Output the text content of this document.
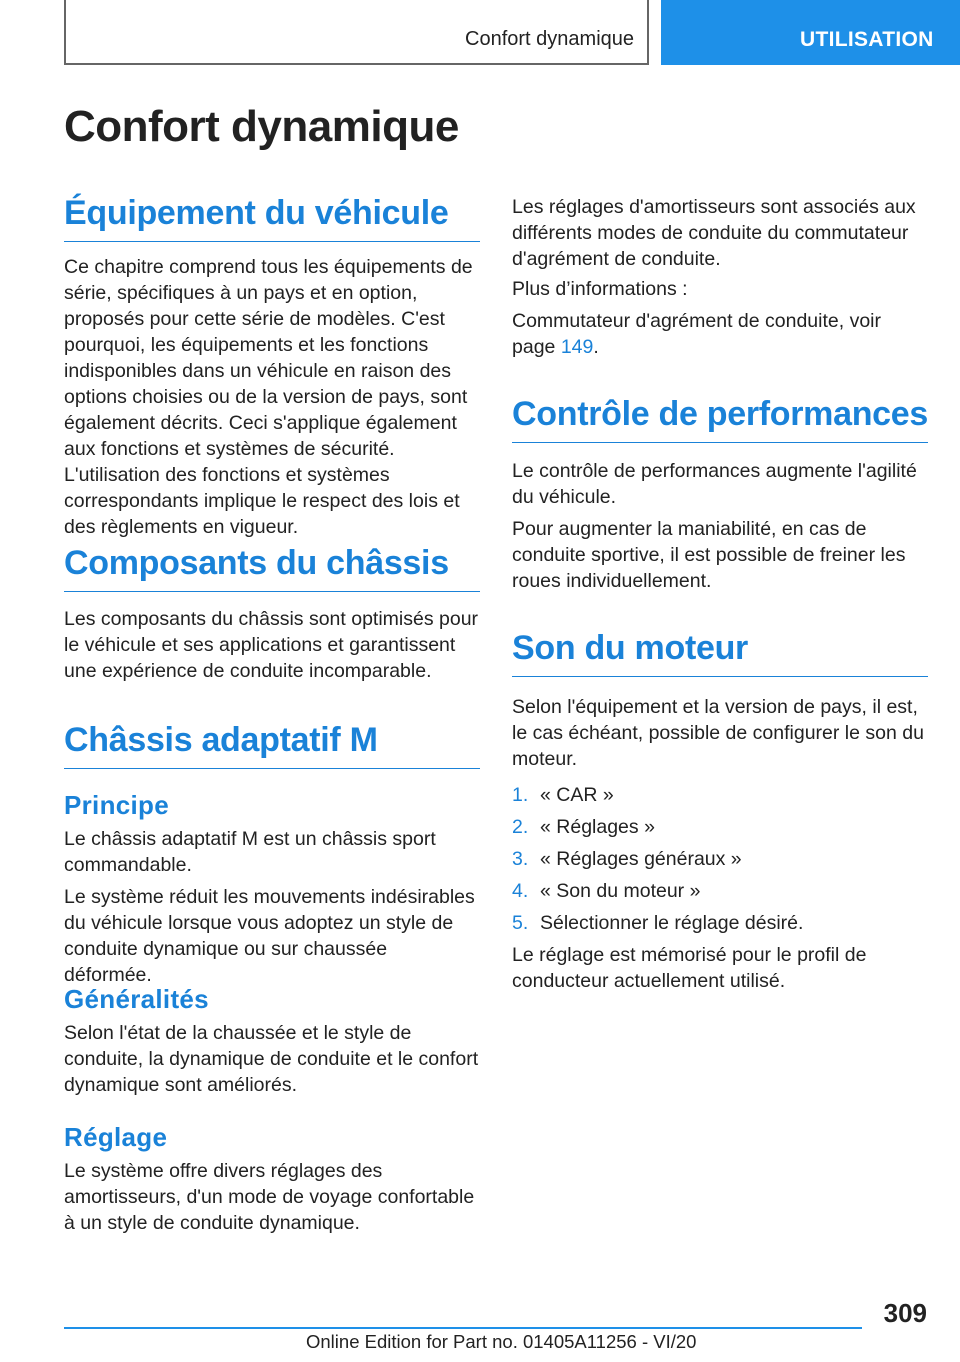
Confort dynamique	UTILISATION
Confort dynamique
Équipement du véhicule

Ce chapitre comprend tous les équipements de série, spécifiques à un pays et en option, proposés pour cette série de modèles. C'est pourquoi, les équipements et les fonctions indisponibles dans un véhicule en raison des options choisies ou de la version de pays, sont également décrits. Ceci s'applique également aux fonctions et systèmes de sécurité. L'utilisation des fonctions et systèmes correspondants implique le respect des lois et des règlements en vigueur.

Composants du châssis

Les composants du châssis sont optimisés pour le véhicule et ses applications et garantissent une expérience de conduite incomparable.

Châssis adaptatif M
Principe

Le châssis adaptatif M est un châssis sport commandable.

Le système réduit les mouvements indésirables du véhicule lorsque vous adoptez un style de conduite dynamique ou sur chaussée déformée.

Généralités

Selon l'état de la chaussée et le style de conduite, la dynamique de conduite et le confort dynamique sont améliorés.

Réglage

Le système offre divers réglages des amortisseurs, d'un mode de voyage confortable à un style de conduite dynamique.

Les réglages d'amortisseurs sont associés aux différents modes de conduite du commutateur d'agrément de conduite.

Plus d’informations :

Commutateur d'agrément de conduite, voir page 149.

Contrôle de performances

Le contrôle de performances augmente l'agilité du véhicule.

Pour augmenter la maniabilité, en cas de conduite sportive, il est possible de freiner les roues individuellement.

Son du moteur

Selon l'équipement et la version de pays, il est, le cas échéant, possible de configurer le son du moteur.

1. « CAR »
2. « Réglages »
3. « Réglages généraux »
4. « Son du moteur »
5. Sélectionner le réglage désiré.

Le réglage est mémorisé pour le profil de conducteur actuellement utilisé.

309
Online Edition for Part no. 01405A11256 - VI/20
